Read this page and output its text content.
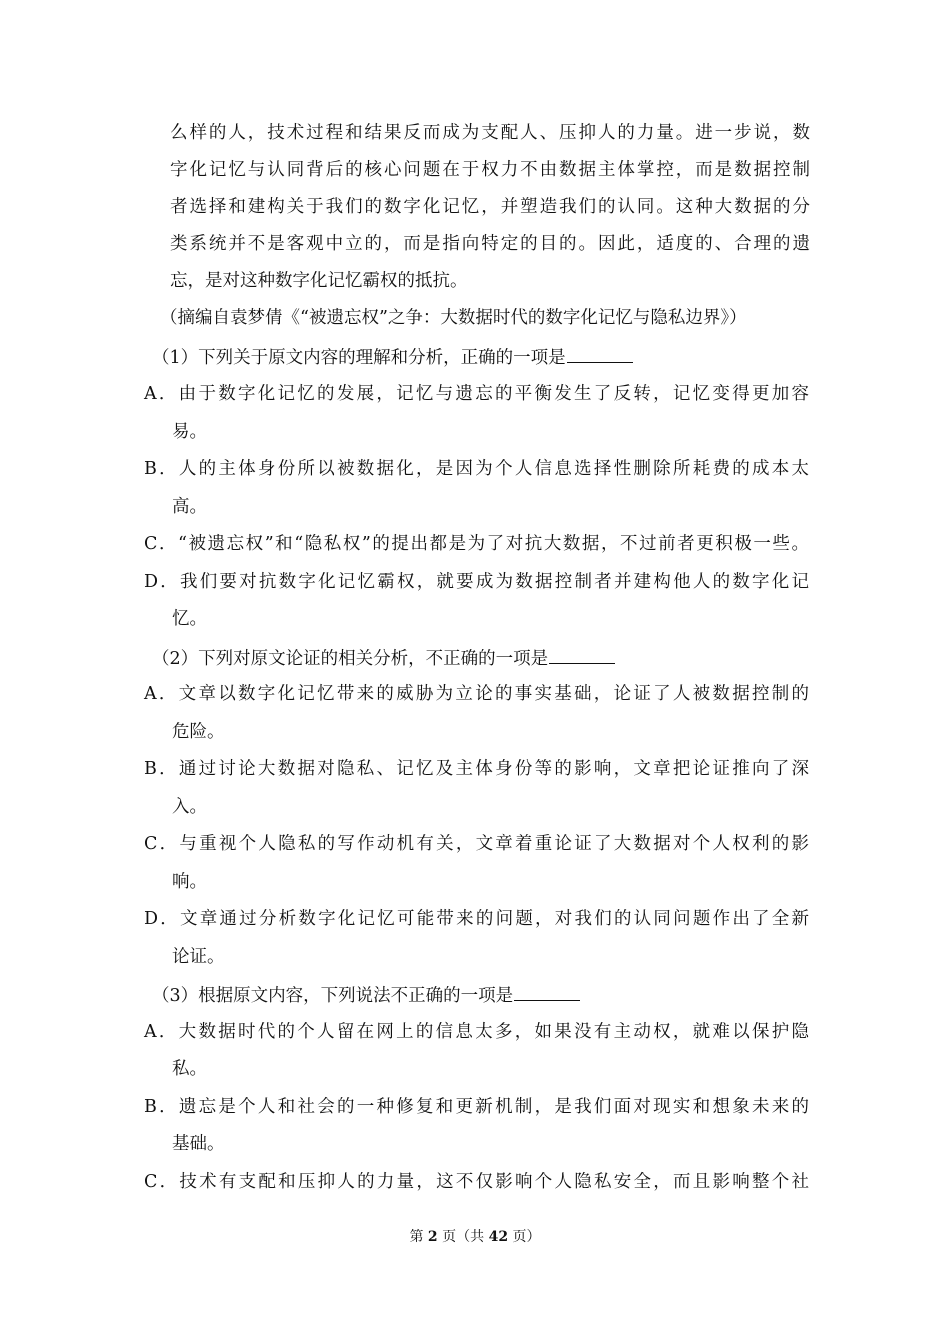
么样的人，技术过程和结果反而成为支配人、压抑人的力量。进一步说，数
字化记忆与认同背后的核心问题在于权力不由数据主体掌控，而是数据控制
者选择和建构关于我们的数字化记忆，并塑造我们的认同。这种大数据的分
类系统并不是客观中立的，而是指向特定的目的。因此，适度的、合理的遗
忘，是对这种数字化记忆霸权的抵抗。
（摘编自袁梦倩《“被遗忘权”之争：大数据时代的数字化记忆与隐私边界》）
（1）下列关于原文内容的理解和分析，正确的一项是
A．由于数字化记忆的发展，记忆与遗忘的平衡发生了反转，记忆变得更加容
易。
B．人的主体身份所以被数据化，是因为个人信息选择性删除所耗费的成本太
高。
C．“被遗忘权”和“隐私权”的提出都是为了对抗大数据，不过前者更积极一些。
D．我们要对抗数字化记忆霸权，就要成为数据控制者并建构他人的数字化记
忆。
（2）下列对原文论证的相关分析，不正确的一项是
A．文章以数字化记忆带来的威胁为立论的事实基础，论证了人被数据控制的
危险。
B．通过讨论大数据对隐私、记忆及主体身份等的影响，文章把论证推向了深
入。
C．与重视个人隐私的写作动机有关，文章着重论证了大数据对个人权利的影
响。
D．文章通过分析数字化记忆可能带来的问题，对我们的认同问题作出了全新
论证。
（3）根据原文内容，下列说法不正确的一项是
A．大数据时代的个人留在网上的信息太多，如果没有主动权，就难以保护隐
私。
B．遗忘是个人和社会的一种修复和更新机制，是我们面对现实和想象未来的
基础。
C．技术有支配和压抑人的力量，这不仅影响个人隐私安全，而且影响整个社
第 2 页（共 42 页）
